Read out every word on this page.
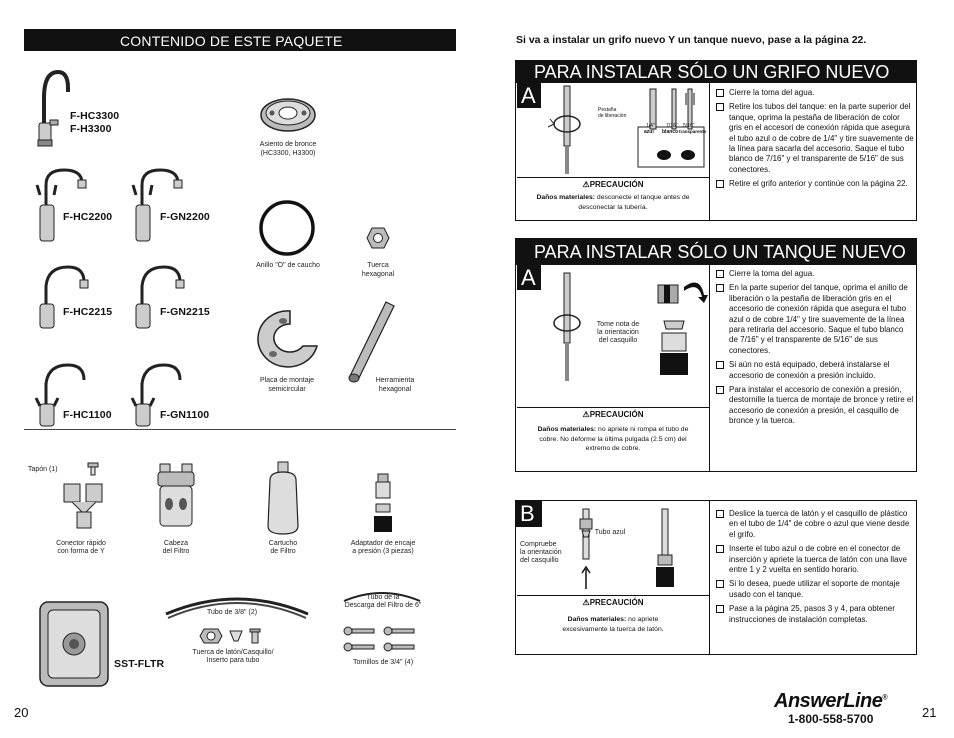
CONTENIDO DE ESTE PAQUETE
F-HC3300
F-H3300
F-HC2200	F-GN2200
F-HC2215	F-GN2215
F-HC1100	F-GN1100
Asiento de bronce
(HC3300, H3300)
Anillo "O" de caucho	Tuerca
hexagonal
Placa de montaje
semicircular
Herramienta
hexagonal
Tapón (1)
Conector rápido
con forma de Y
Cabeza
del Filtro
Cartucho
de Filtro
Adaptador de encaje
a presión (3 piezas)
SST-FLTR
Tubo de 3/8" (2)
Tubo de la
Descarga del Filtro de 6"
Tuerca de latón/Casquillo/
Inserto para tubo	Tornillos de 3/4" (4)
20
Si va a instalar un grifo nuevo Y un tanque nuevo, pase a la página 22.
PARA INSTALAR SÓLO UN GRIFO NUEVO
A
Pestaña
de liberación
1/4" 7/16" 5/16"
azul blanco transparente
⚠PRECAUCIÓN
Daños materiales: desconecte el tanque antes de desconectar la tubería.
Cierre la toma del agua.
Retire los tubos del tanque: en la parte superior del tanque, oprima la pestaña de liberación de color gris en el accesori de conexión rápida que asegura el tubo azul o de cobre de 1/4" y tire suavemente de la línea para sacarla del accesorio. Saque el tubo blanco de 7/16" y el transparente de 5/16" de sus conectores.
Retire el grifo anterior y continúe con la página 22.
PARA INSTALAR SÓLO UN TANQUE NUEVO
A
Tome nota de
la orientación
del casquillo
⚠PRECAUCIÓN
Daños materiales: no apriete ni rompa el tubo de cobre. No deforme la última pulgada (2.5 cm) del extremo de cobre.
Cierre la toma del agua.
En la parte superior del tanque, oprima el anillo de liberación o la pestaña de liberación gris en el accesorio de conexión rápida que asegura el tubo azul o de cobre 1/4" y tire suavemente de la línea para retirarla del accesorio. Saque el tubo blanco de 7/16" y el transparente de 5/16" de sus conectores.
Si aún no está equipado, deberá instalarse el accesorio de conexión a presión incluido.
Para instalar el accesorio de conexión a presión, destornille la tuerca de montaje de bronce y retire el accesorio de conexión a presión, el casquillo de bronce y la tuerca.
B
Tubo azul
Compruebe
la orientación
del casquillo
⚠PRECAUCIÓN
Daños materiales: no apriete excesivamente la tuerca de latón.
Deslice la tuerca de latón y el casquillo de plástico en el tubo de 1/4" de cobre o azul que viene desde el grifo.
Inserte el tubo azul o de cobre en el conector de inserción y apriete la tuerca de latón con una llave entre 1 y 2 vuelta en sentido horario.
Si lo desea, puede utilizar el soporte de montaje usado con el tanque.
Pase a la página 25, pasos 3 y 4, para obtener instrucciones de instalación completas.
AnswerLine®
1-800-558-5700	21
